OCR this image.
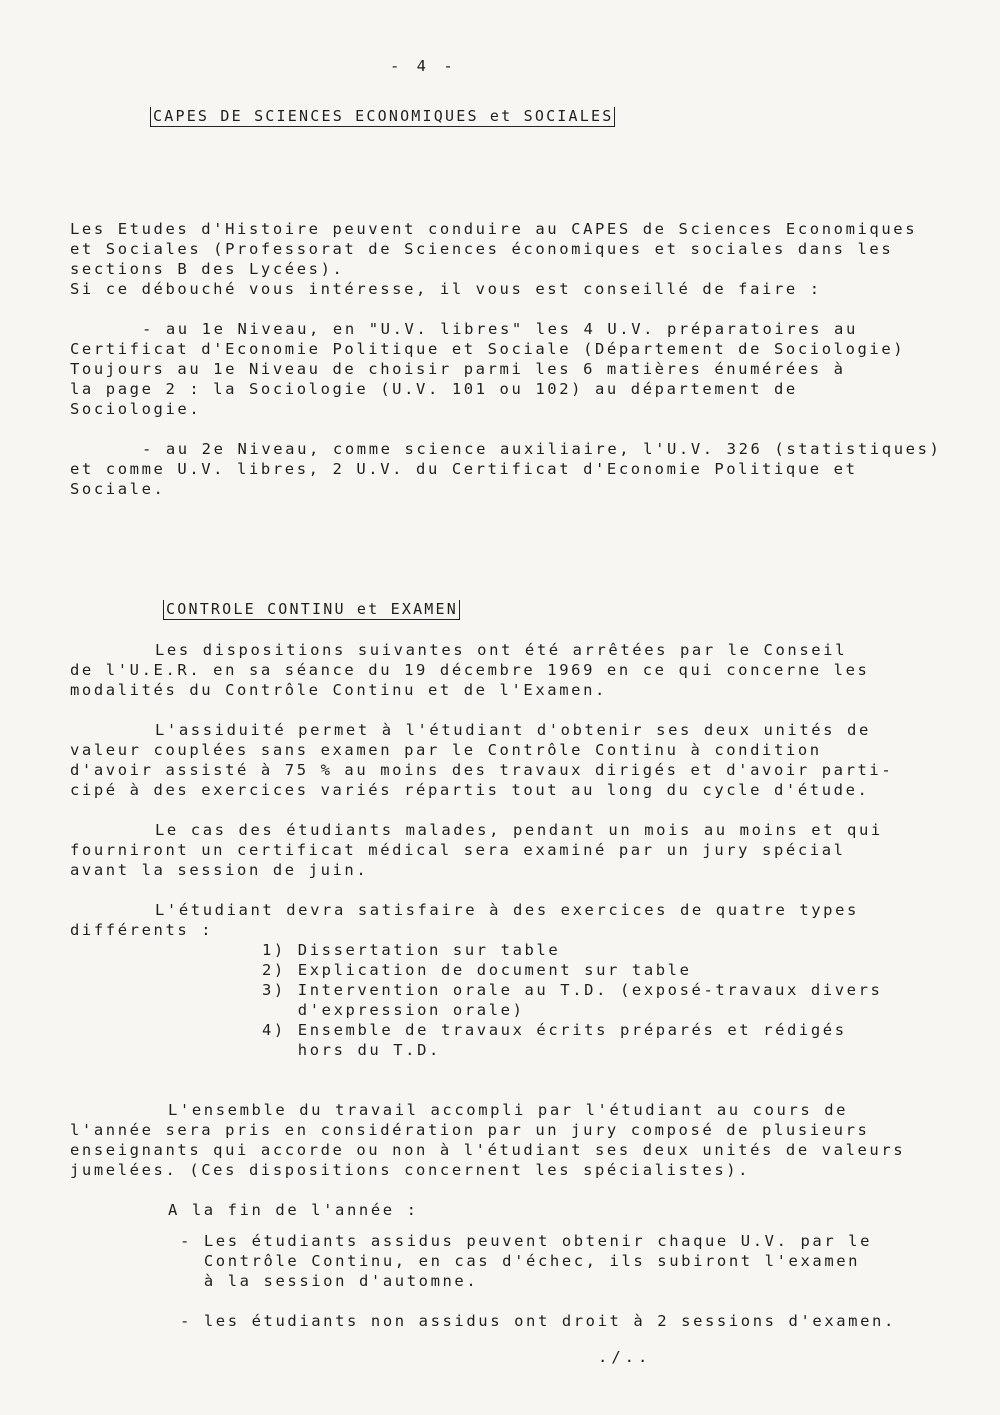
- 4 -
CAPES DE SCIENCES ECONOMIQUES et SOCIALES
Les Etudes d'Histoire peuvent conduire au CAPES de Sciences Economiques
et Sociales (Professorat de Sciences économiques et sociales dans les
sections B des Lycées).
Si ce débouché vous intéresse, il vous est conseillé de faire :
- au 1e Niveau, en "U.V. libres" les 4 U.V. préparatoires au
Certificat d'Economie Politique et Sociale (Département de Sociologie)
Toujours au 1e Niveau de choisir parmi les 6 matières énumérées à
la page 2 : la Sociologie (U.V. 101 ou 102) au département de
Sociologie.
- au 2e Niveau, comme science auxiliaire, l'U.V. 326 (statistiques)
et comme U.V. libres, 2 U.V. du Certificat d'Economie Politique et
Sociale.
CONTROLE CONTINU et EXAMEN
Les dispositions suivantes ont été arrêtées par le Conseil
de l'U.E.R. en sa séance du 19 décembre 1969 en ce qui concerne les
modalités du Contrôle Continu et de l'Examen.
L'assiduité permet à l'étudiant d'obtenir ses deux unités de
valeur couplées sans examen par le Contrôle Continu à condition
d'avoir assisté à 75 % au moins des travaux dirigés et d'avoir parti-
cipé à des exercices variés répartis tout au long du cycle d'étude.
Le cas des étudiants malades, pendant un mois au moins et qui
fourniront un certificat médical sera examiné par un jury spécial
avant la session de juin.
L'étudiant devra satisfaire à des exercices de quatre types
différents :
1) Dissertation sur table
2) Explication de document sur table
3) Intervention orale au T.D. (exposé-travaux divers
d'expression orale)
4) Ensemble de travaux écrits préparés et rédigés
hors du T.D.
L'ensemble du travail accompli par l'étudiant au cours de
l'année sera pris en considération par un jury composé de plusieurs
enseignants qui accorde ou non à l'étudiant ses deux unités de valeurs
jumelées. (Ces dispositions concernent les spécialistes).
A la fin de l'année :
- Les étudiants assidus peuvent obtenir chaque U.V. par le
Contrôle Continu, en cas d'échec, ils subiront l'examen
à la session d'automne.
- les étudiants non assidus ont droit à 2 sessions d'examen.
./..
